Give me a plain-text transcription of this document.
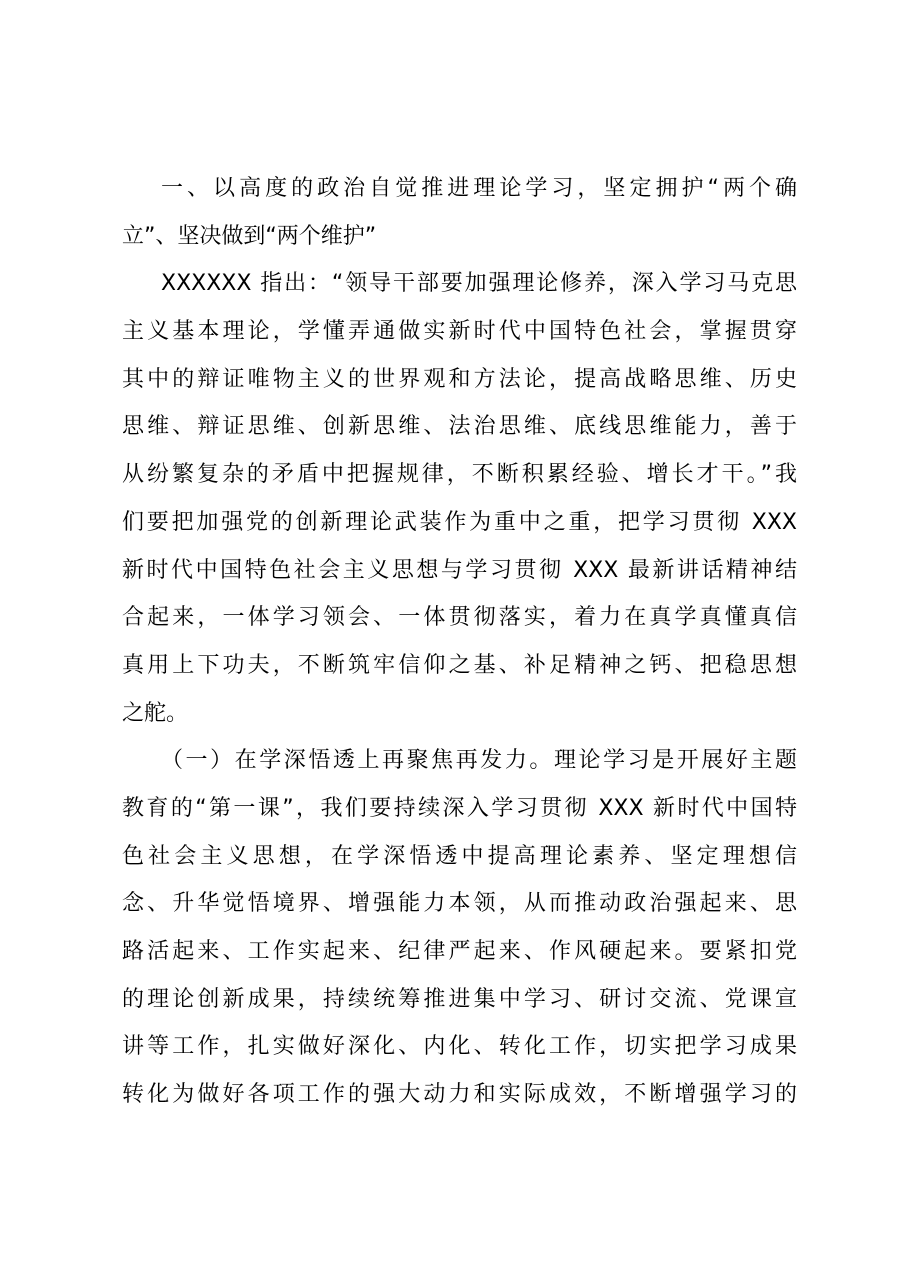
一、以高度的政治自觉推进理论学习，坚定拥护“两个确
立”、坚决做到“两个维护”
XXXXXX 指出：“领导干部要加强理论修养，深入学习马克思
主义基本理论，学懂弄通做实新时代中国特色社会，掌握贯穿
其中的辩证唯物主义的世界观和方法论，提高战略思维、历史
思维、辩证思维、创新思维、法治思维、底线思维能力，善于
从纷繁复杂的矛盾中把握规律，不断积累经验、增长才干。”我
们要把加强党的创新理论武装作为重中之重，把学习贯彻 XXX
新时代中国特色社会主义思想与学习贯彻 XXX 最新讲话精神结
合起来，一体学习领会、一体贯彻落实，着力在真学真懂真信
真用上下功夫，不断筑牢信仰之基、补足精神之钙、把稳思想
之舵。
（一）在学深悟透上再聚焦再发力。理论学习是开展好主题
教育的“第一课”，我们要持续深入学习贯彻 XXX 新时代中国特
色社会主义思想，在学深悟透中提高理论素养、坚定理想信
念、升华觉悟境界、增强能力本领，从而推动政治强起来、思
路活起来、工作实起来、纪律严起来、作风硬起来。要紧扣党
的理论创新成果，持续统筹推进集中学习、研讨交流、党课宣
讲等工作，扎实做好深化、内化、转化工作，切实把学习成果
转化为做好各项工作的强大动力和实际成效，不断增强学习的
